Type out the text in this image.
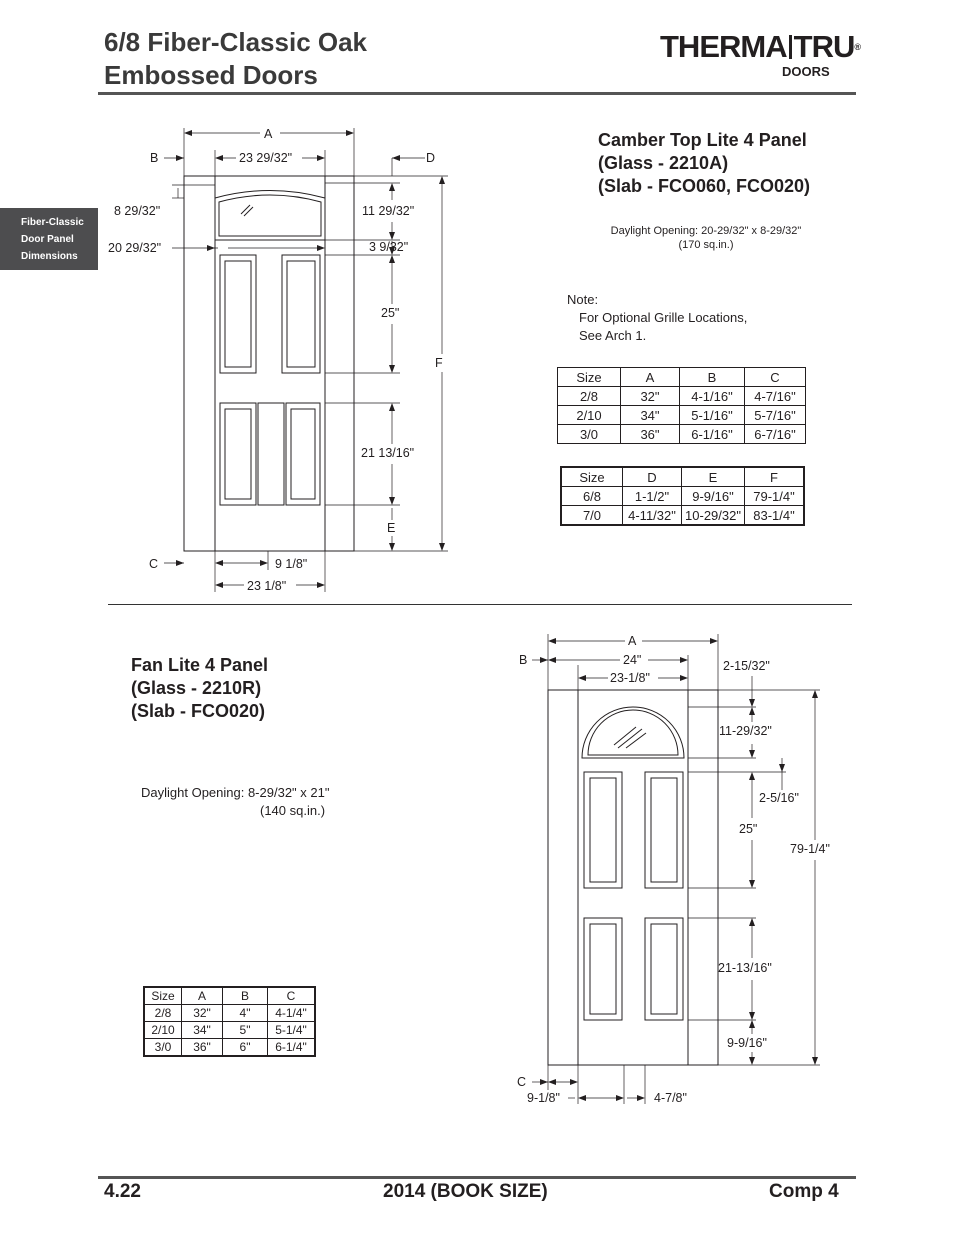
6/8 Fiber-Classic Oak
Embossed Doors
THERMA TRU ®
DOORS
Fiber-Classic
Door Panel
Dimensions
A
B	23 29/32"	D
8 29/32"	11 29/32"
20 29/32"	3 9/32"
25"
F
21 13/16"
E
C	9 1/8"
23 1/8"
Camber Top Lite 4 Panel
(Glass - 2210A)
(Slab - FCO060, FCO020)
Daylight Opening: 20-29/32" x 8-29/32"
(170 sq.in.)
Note:
For Optional Grille Locations,
See Arch 1.
Size	A	B	C
2/8	32"	4-1/16"	4-7/16"
2/10	34"	5-1/16"	5-7/16"
3/0	36"	6-1/16"	6-7/16"
Size	D	E	F
6/8	1-1/2"	9-9/16"	79-1/4"
7/0	4-11/32"	10-29/32"	83-1/4"
A
B	24"
23-1/8"
2-15/32"
11-29/32"
2-5/16"
25"
79-1/4"
21-13/16"
9-9/16"
C
9-1/8"	4-7/8"
Fan Lite 4 Panel
(Glass - 2210R)
(Slab - FCO020)
Daylight Opening: 8-29/32" x 21"
(140 sq.in.)
Size	A	B	C
2/8	32"	4"	4-1/4"
2/10	34"	5"	5-1/4"
3/0	36"	6"	6-1/4"
4.22	2014 (BOOK SIZE)	Comp 4
